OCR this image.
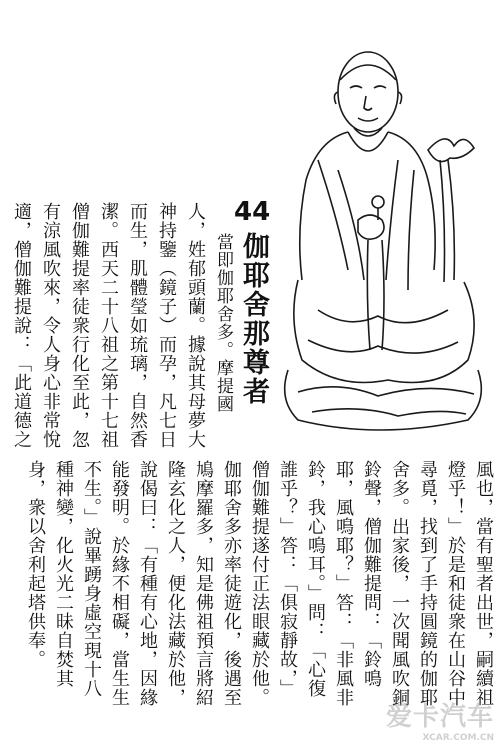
44
伽耶舍那尊者
當即伽耶舍多。摩提國
人，姓郁頭蘭。據說其母夢大
神持鑒（鏡子）而孕，凡七日
而生，肌體瑩如琉璃，自然香
潔。西天二十八祖之第十七祖
僧伽難提率徒衆行化至此，忽
有涼風吹來，令人身心非常悅
適，僧伽難提說：「此道德之
風也，當有聖者出世，嗣續祖
燈乎！」於是和徒衆在山谷中
尋覓，找到了手持圓鏡的伽耶
舍多。出家後，一次聞風吹銅
鈴聲，僧伽難提問：「鈴鳴
耶，風鳴耶？」答：「非風非
鈴，我心鳴耳。」問：「心復
誰乎？」答：「俱寂靜故，」
僧伽難提遂付正法眼藏於他。
伽耶舍多亦率徒遊化，後遇至
鳩摩羅多，知是佛祖預言將紹
隆玄化之人，便化法藏於他，
說偈曰：「有種有心地，因緣
能發明。於緣不相礙，當生生
不生。」說畢踴身虛空現十八
種神變，化火光二昧自焚其
身，衆以舍利起塔供奉。
爱卡汽车
XCAR.COM.CN
